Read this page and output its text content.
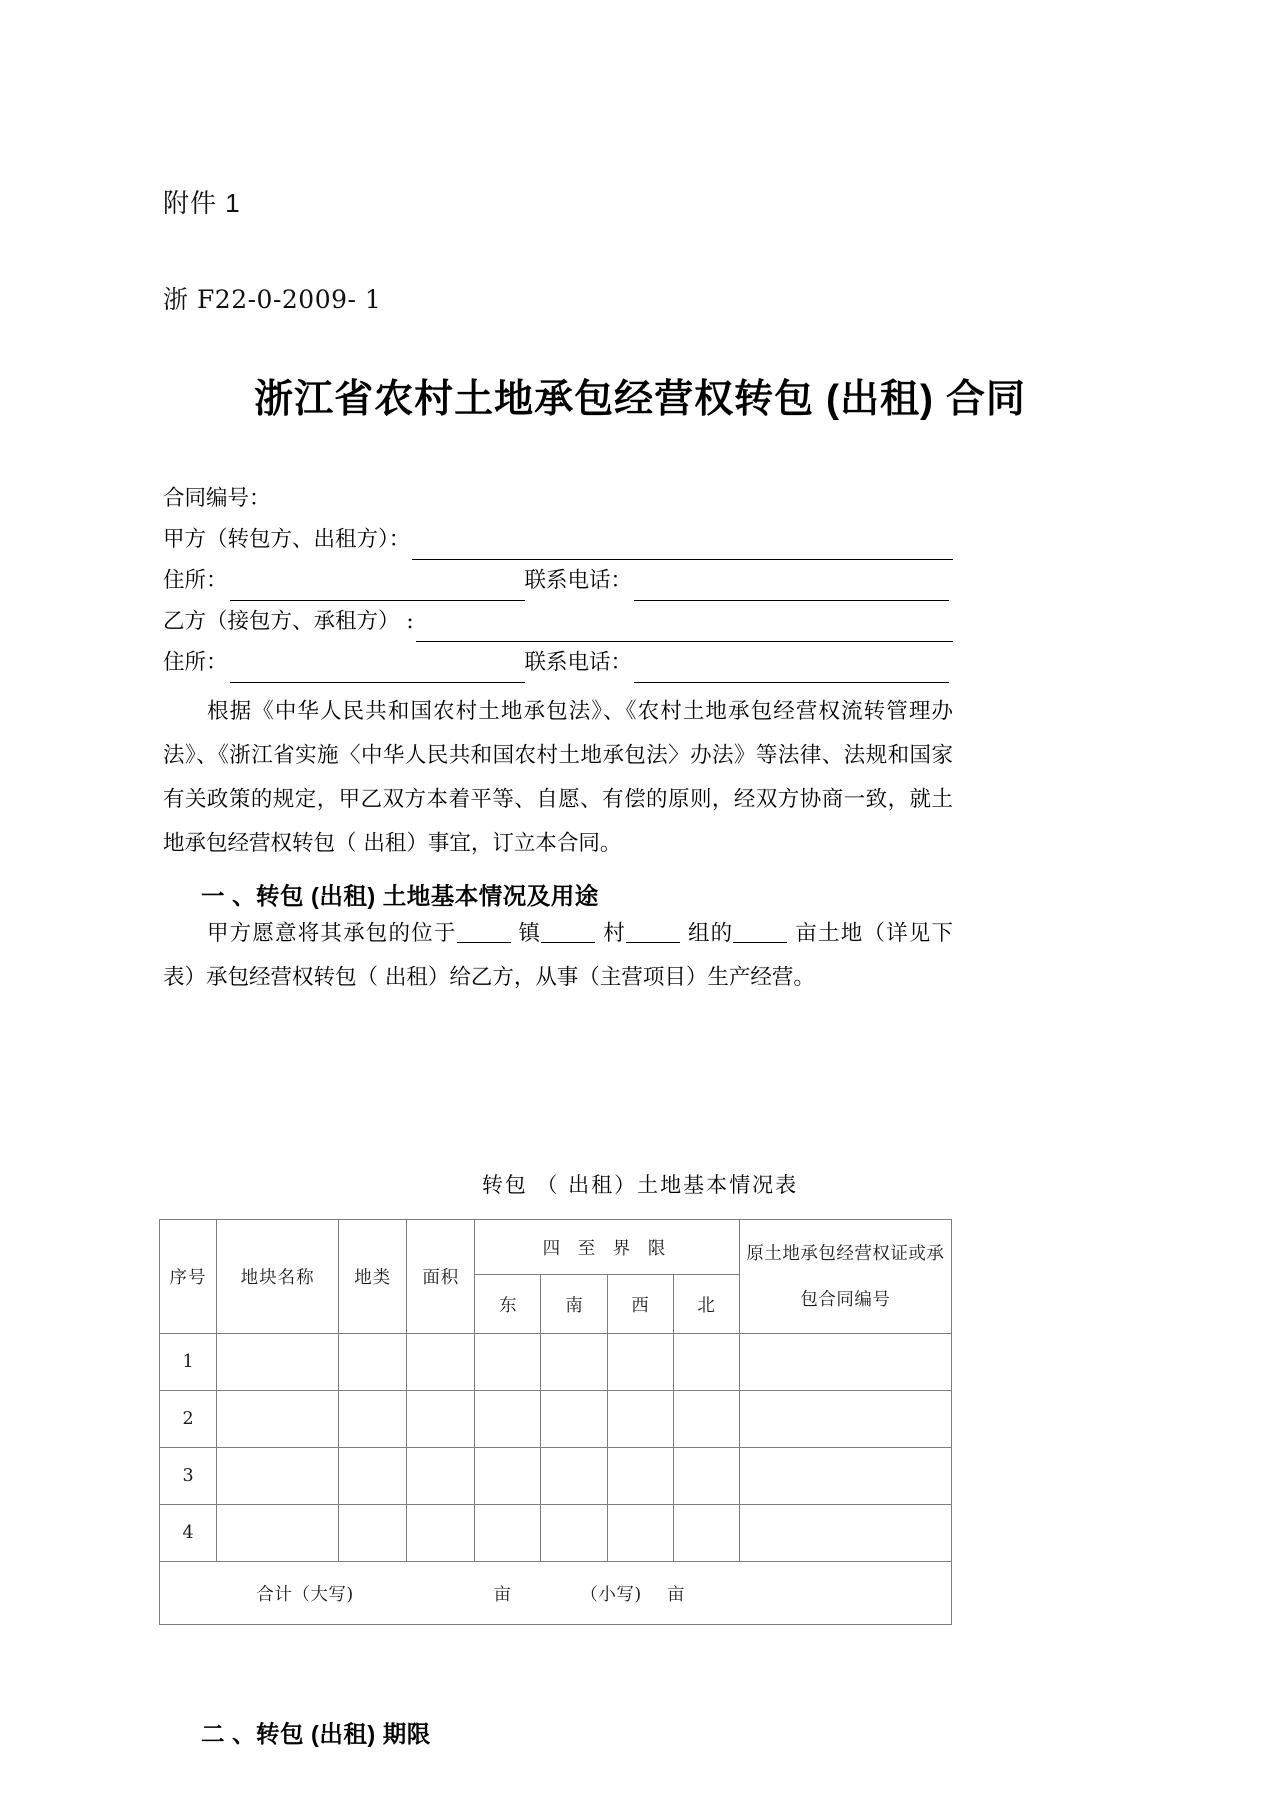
附件 1
浙 F22-0-2009- 1
浙江省农村土地承包经营权转包 (出租) 合同
合同编号：
甲方（转包方、出租方）：
住所：	联系电话：
乙方（接包方、承租方） :
住所：	联系电话：
根据《中华人民共和国农村土地承包法》、《农村土地承包经营权流转管理办法》、《浙江省实施〈中华人民共和国农村土地承包法〉办法》等法律、法规和国家有关政策的规定，甲乙双方本着平等、自愿、有偿的原则，经双方协商一致，就土地承包经营权转包（ 出租）事宜，订立本合同。
一 、转包 (出租) 土地基本情况及用途
甲方愿意将其承包的位于	镇	村	组的	亩土地（详见下表）承包经营权转包（ 出租）给乙方，从事（主营项目）生产经营。
转包 （ 出租）土地基本情况表
序号	地块名称	地类	面积	四 至 界 限				原土地承包经营权证或承
包合同编号

				东	南	西	北	
1								
2								
3								
4								

合计（大写) 亩 （小写) 亩								
二 、转包 (出租) 期限
